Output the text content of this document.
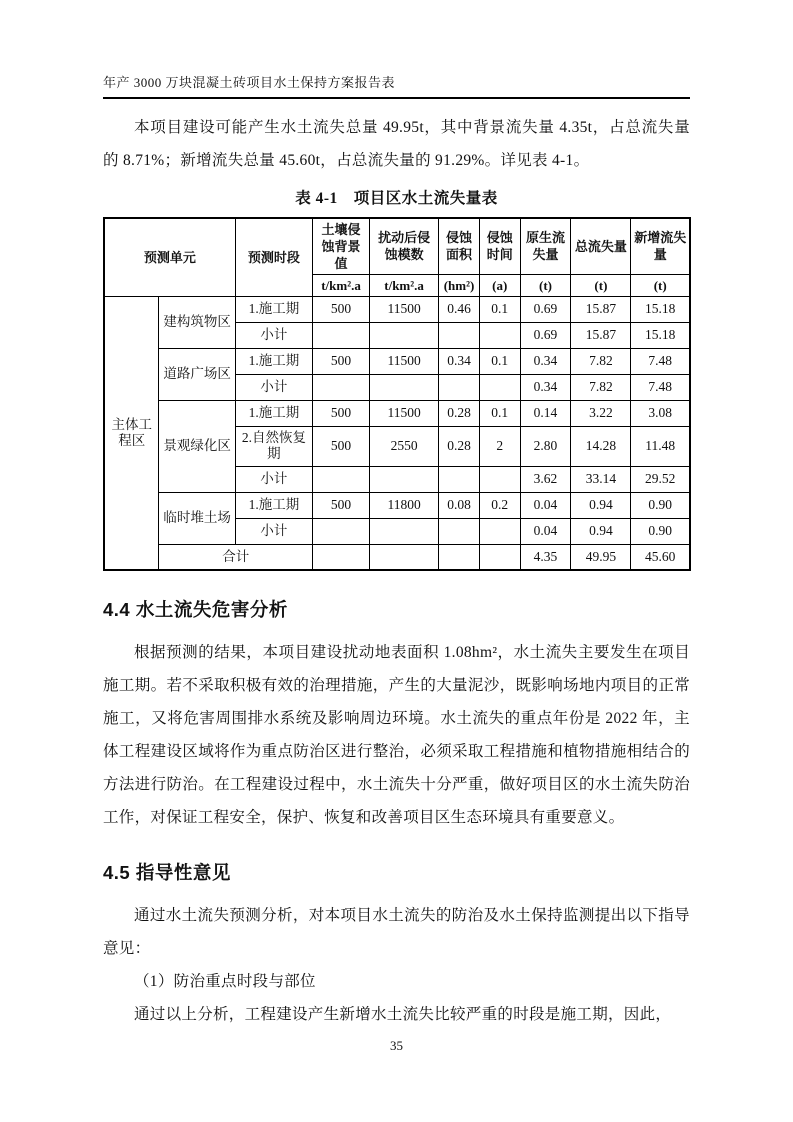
年产 3000 万块混凝土砖项目水土保持方案报告表

本项目建设可能产生水土流失总量 49.95t，其中背景流失量 4.35t，占总流失量的 8.71%；新增流失总量 45.60t，占总流失量的 91.29%。详见表 4-1。

表 4-1　项目区水土流失量表
预测单元		预测时段	土壤侵蚀背景值	扰动后侵蚀模数	侵蚀面积	侵蚀时间	原生流失量	总流失量	新增流失量
			t/km².a	t/km².a	(hm²)	(a)	(t)	(t)	(t)
主体工程区	建构筑物区	1.施工期	500	11500	0.46	0.1	0.69	15.87	15.18
		小计					0.69	15.87	15.18
	道路广场区	1.施工期	500	11500	0.34	0.1	0.34	7.82	7.48
		小计					0.34	7.82	7.48
	景观绿化区	1.施工期	500	11500	0.28	0.1	0.14	3.22	3.08
		2.自然恢复期	500	2550	0.28	2	2.80	14.28	11.48
		小计					3.62	33.14	29.52
	临时堆土场	1.施工期	500	11800	0.08	0.2	0.04	0.94	0.90
		小计					0.04	0.94	0.90
	合计						4.35	49.95	45.60
4.4 水土流失危害分析

根据预测的结果，本项目建设扰动地表面积 1.08hm²，水土流失主要发生在项目施工期。若不采取积极有效的治理措施，产生的大量泥沙，既影响场地内项目的正常施工，又将危害周围排水系统及影响周边环境。水土流失的重点年份是 2022 年，主体工程建设区域将作为重点防治区进行整治，必须采取工程措施和植物措施相结合的方法进行防治。在工程建设过程中，水土流失十分严重，做好项目区的水土流失防治工作，对保证工程安全，保护、恢复和改善项目区生态环境具有重要意义。

4.5 指导性意见

通过水土流失预测分析，对本项目水土流失的防治及水土保持监测提出以下指导意见：

（1）防治重点时段与部位

通过以上分析，工程建设产生新增水土流失比较严重的时段是施工期，因此，

35
